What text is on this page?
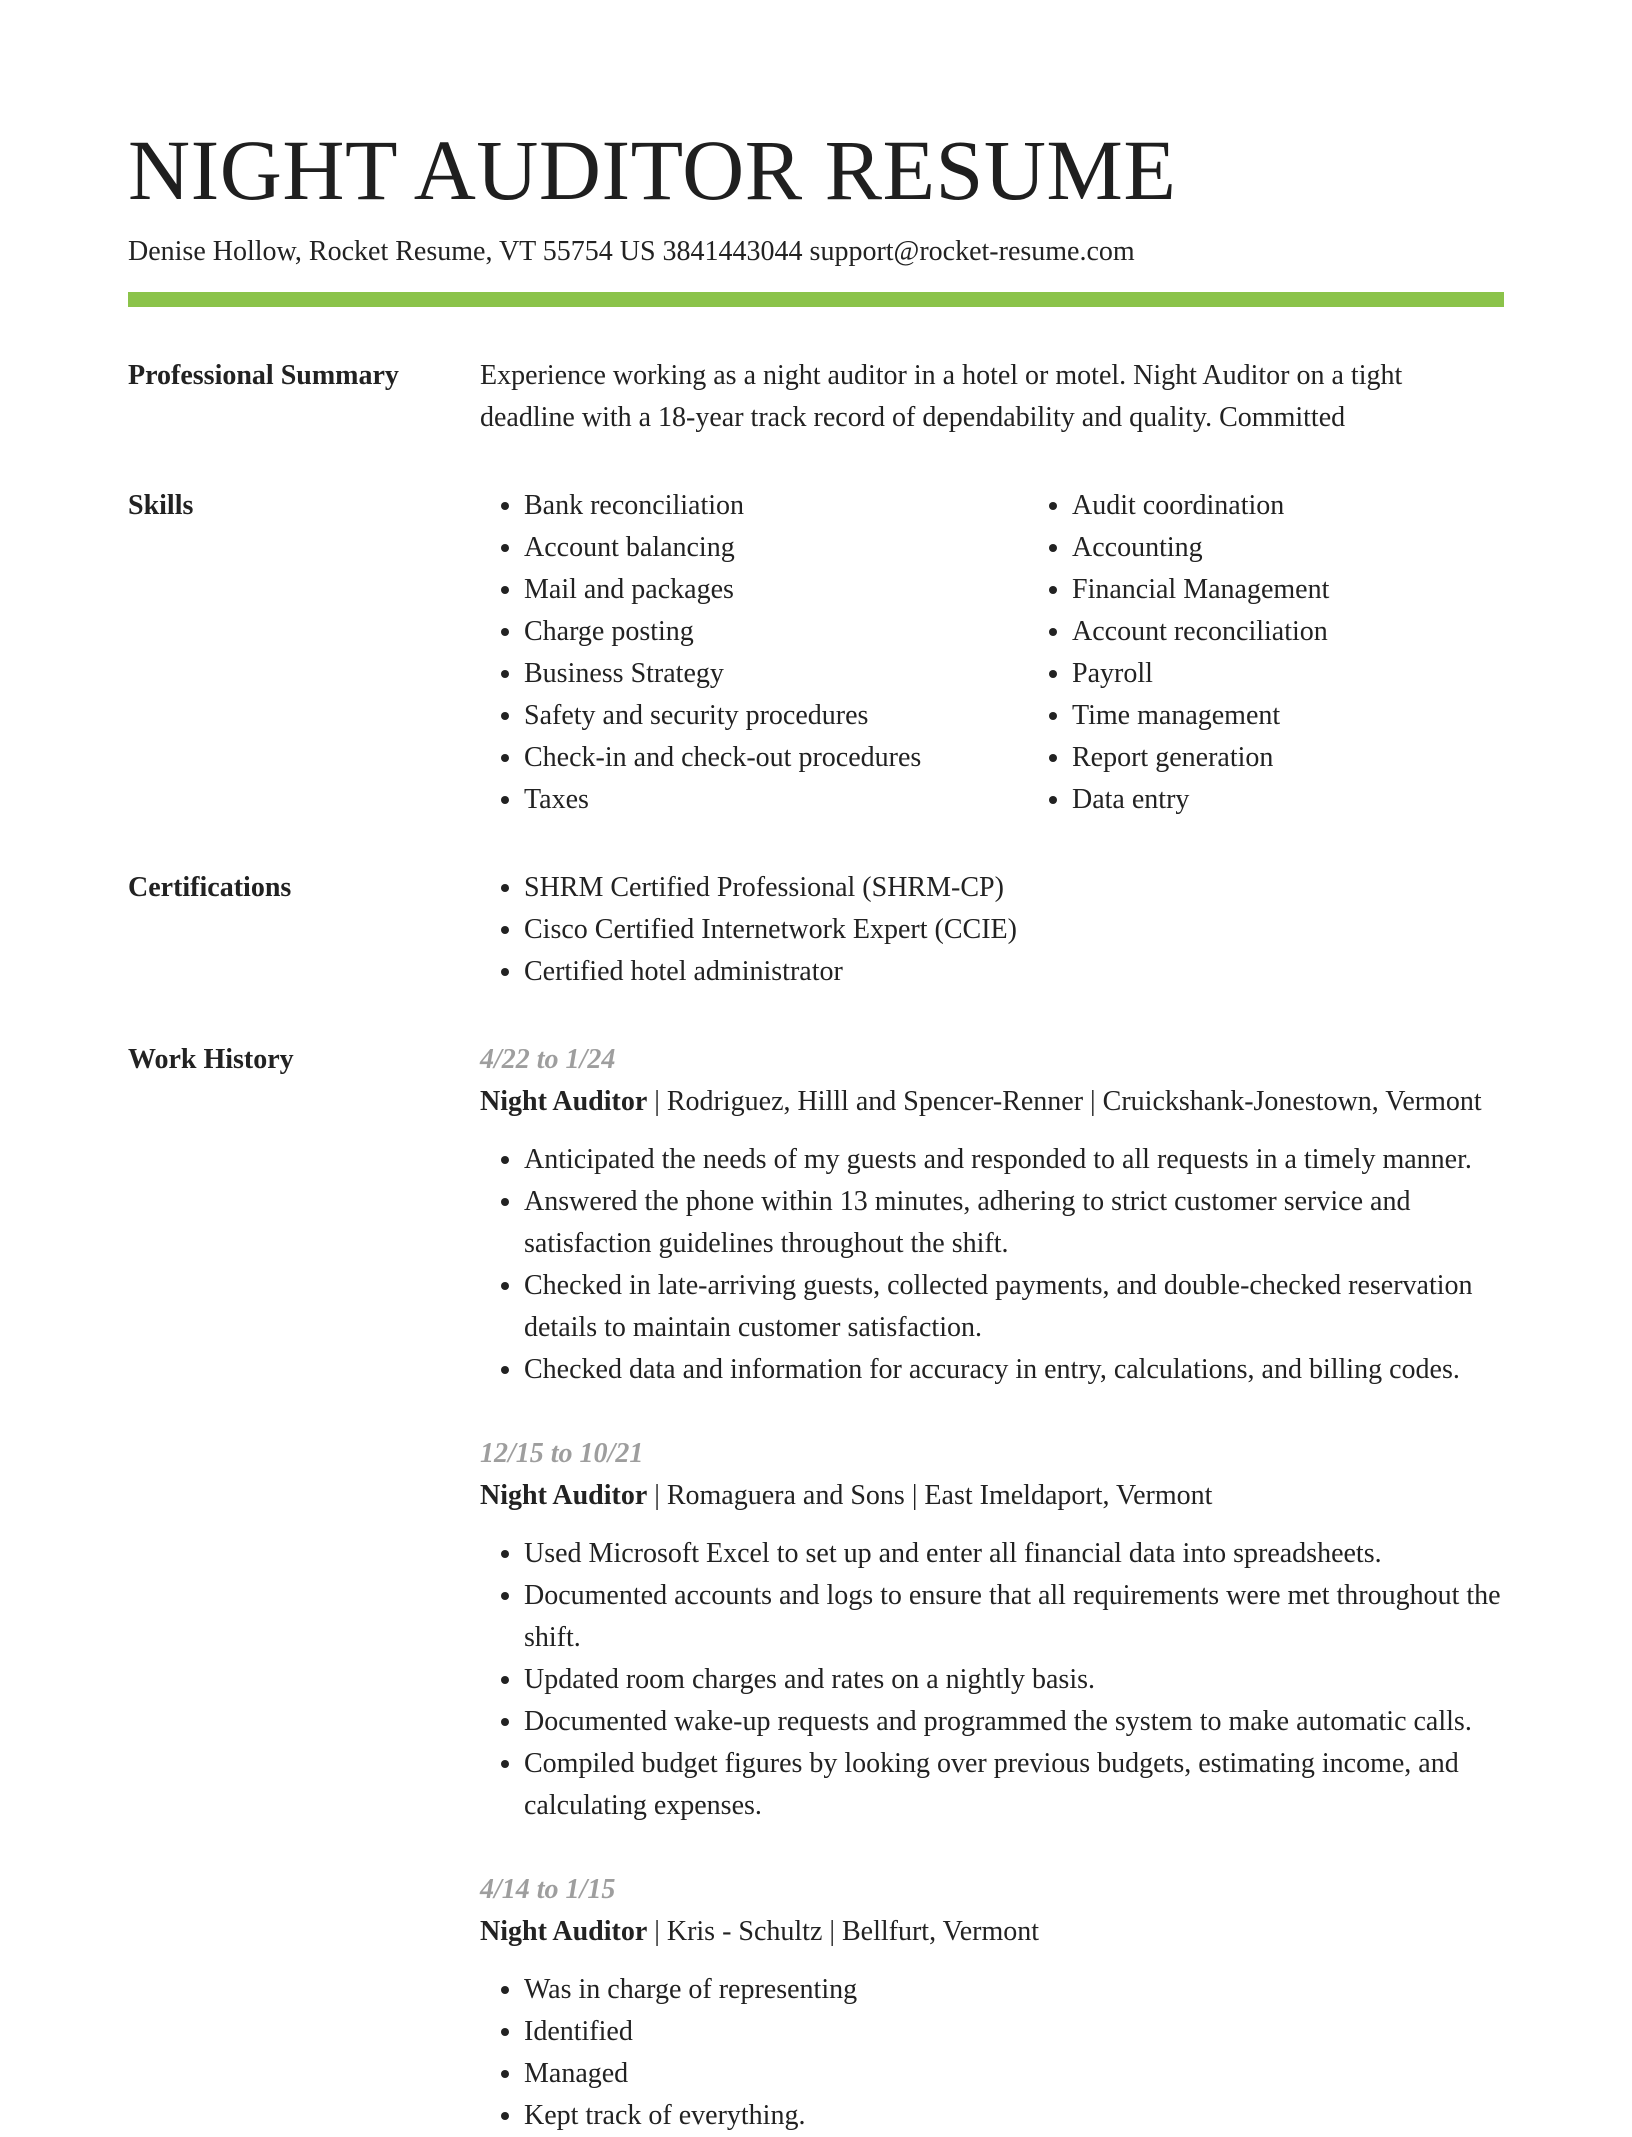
NIGHT AUDITOR RESUME
Denise Hollow, Rocket Resume, VT 55754 US 3841443044 support@rocket-resume.com
Professional Summary	Experience working as a night auditor in a hotel or motel. Night Auditor on a tight deadline with a 18-year track record of dependability and quality. Committed

Skills	• Bank reconciliation
• Account balancing
• Mail and packages
• Charge posting
• Business Strategy
• Safety and security procedures
• Check-in and check-out procedures
• Taxes
• Audit coordination
• Accounting
• Financial Management
• Account reconciliation
• Payroll
• Time management
• Report generation
• Data entry
Certifications	• SHRM Certified Professional (SHRM-CP)
• Cisco Certified Internetwork Expert (CCIE)
• Certified hotel administrator
Work History	4/22 to 1/24
Night Auditor | Rodriguez, Hilll and Spencer-Renner | Cruickshank-Jonestown, Vermont
• Anticipated the needs of my guests and responded to all requests in a timely manner.
• Answered the phone within 13 minutes, adhering to strict customer service and satisfaction guidelines throughout the shift.
• Checked in late-arriving guests, collected payments, and double-checked reservation details to maintain customer satisfaction.
• Checked data and information for accuracy in entry, calculations, and billing codes.
12/15 to 10/21
Night Auditor | Romaguera and Sons | East Imeldaport, Vermont
• Used Microsoft Excel to set up and enter all financial data into spreadsheets.
• Documented accounts and logs to ensure that all requirements were met throughout the shift.
• Updated room charges and rates on a nightly basis.
• Documented wake-up requests and programmed the system to make automatic calls.
• Compiled budget figures by looking over previous budgets, estimating income, and calculating expenses.
4/14 to 1/15
Night Auditor | Kris - Schultz | Bellfurt, Vermont
• Was in charge of representing
• Identified
• Managed
• Kept track of everything.
